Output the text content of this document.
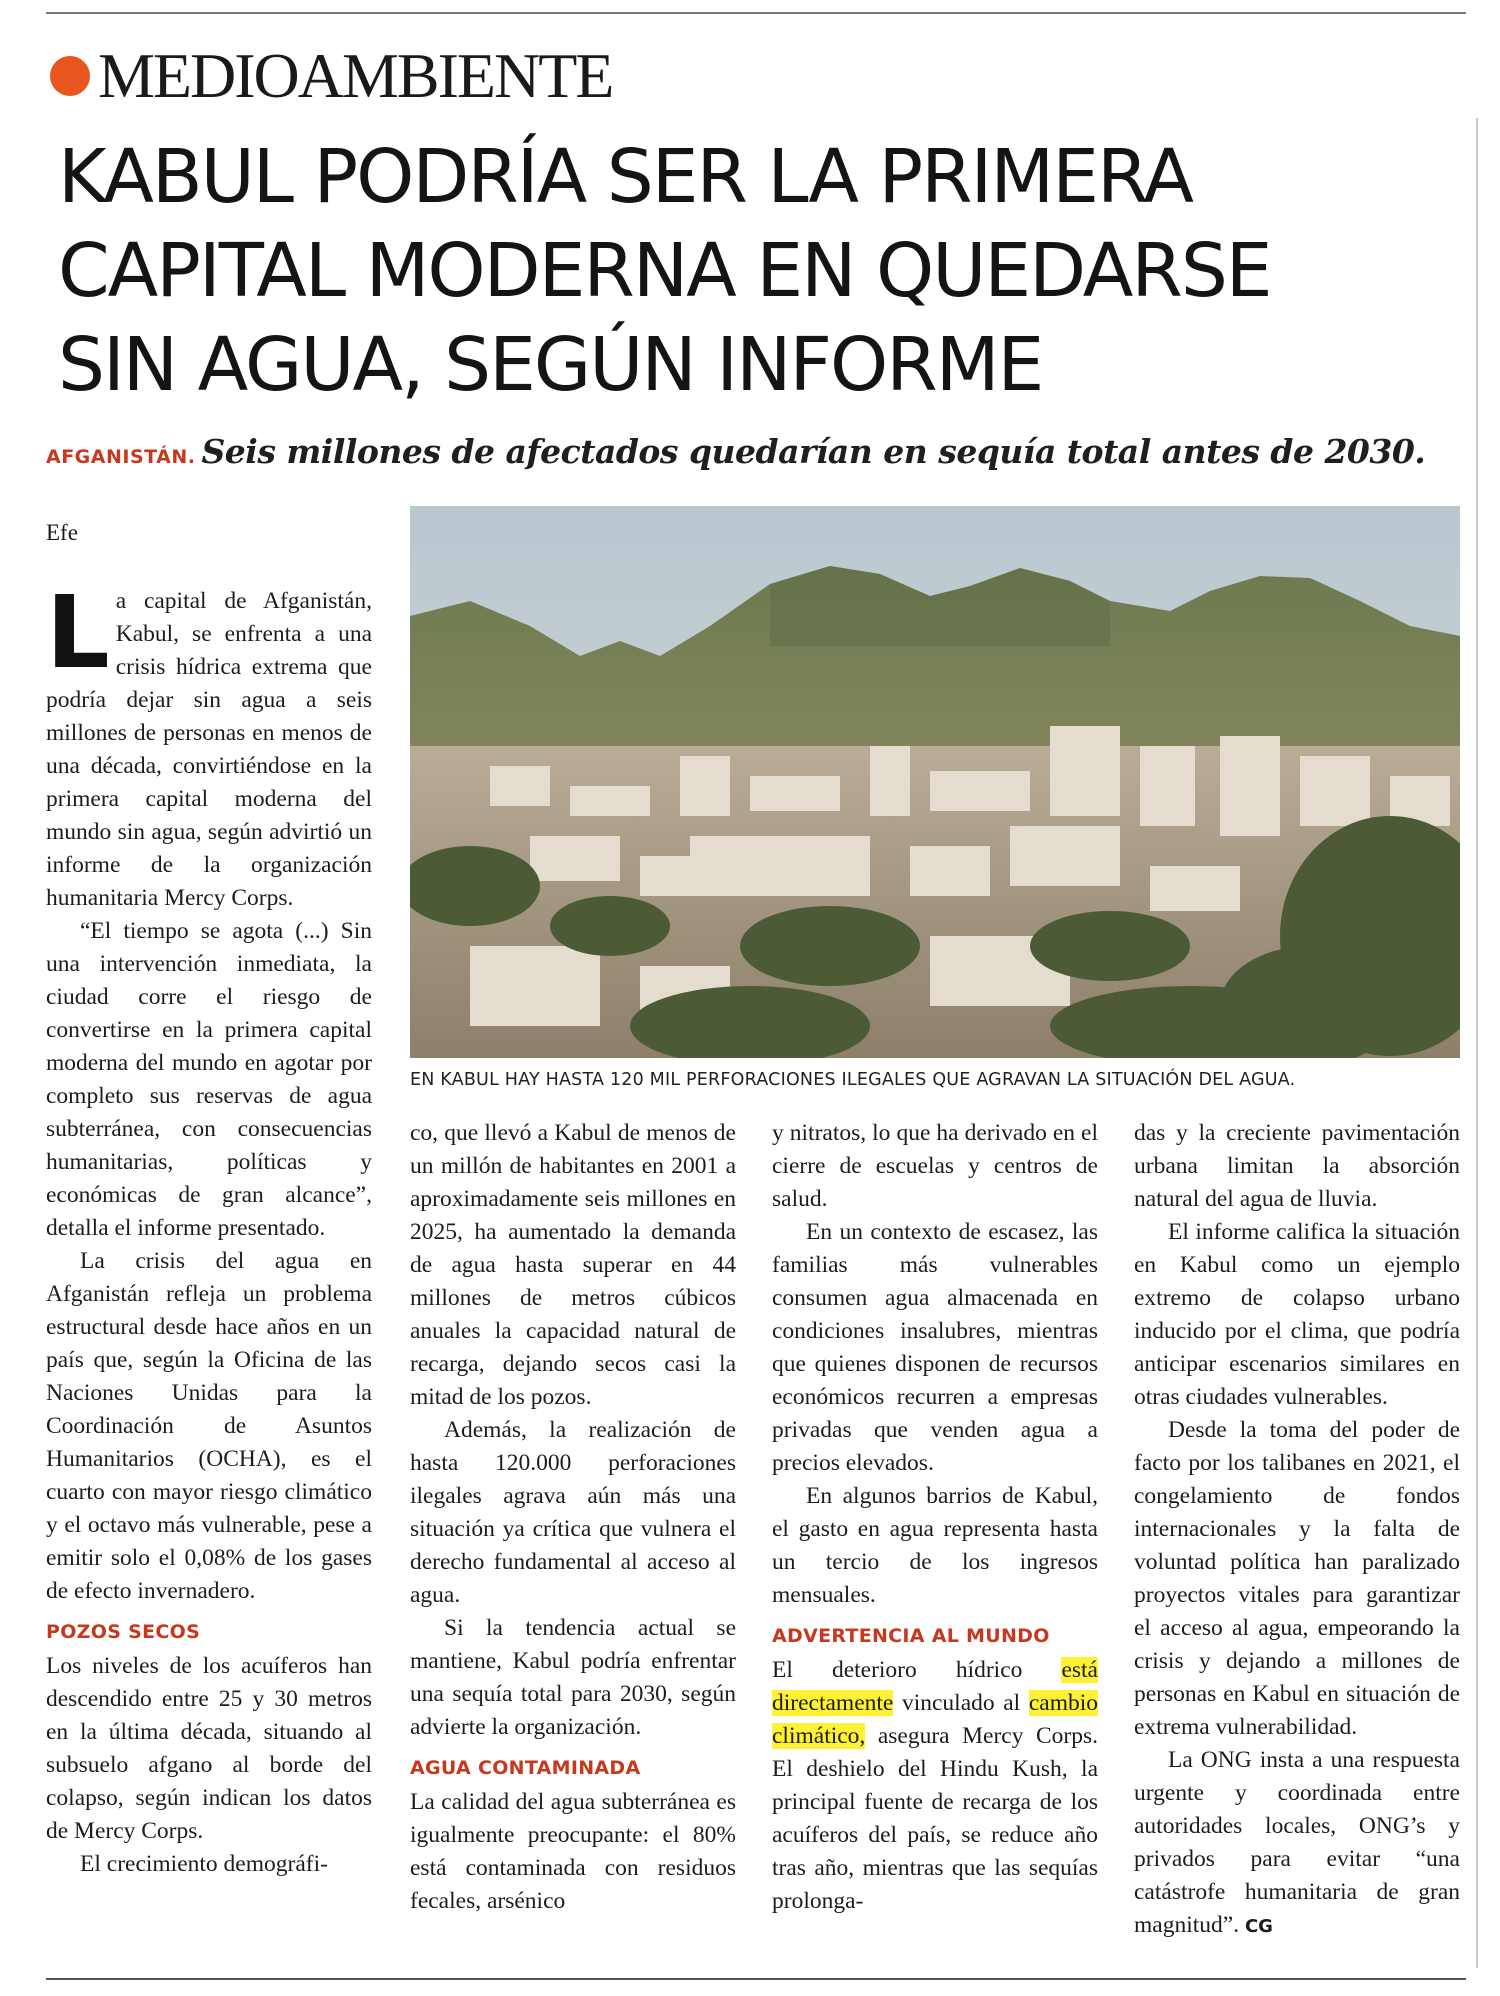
MEDIOAMBIENTE
KABUL PODRÍA SER LA PRIMERA
CAPITAL MODERNA EN QUEDARSE
SIN AGUA, SEGÚN INFORME
AFGANISTÁN. Seis millones de afectados quedarían en sequía total antes de 2030.
Efe
EN KABUL HAY HASTA 120 MIL PERFORACIONES ILEGALES QUE AGRAVAN LA SITUACIÓN DEL AGUA.

La capital de Afganistán, Kabul, se enfrenta a una crisis hídrica extrema que podría dejar sin agua a seis millones de personas en menos de una década, convirtiéndose en la primera capital moderna del mundo sin agua, según advirtió un informe de la organización humanitaria Mercy Corps.

“El tiempo se agota (...) Sin una intervención inmediata, la ciudad corre el riesgo de convertirse en la primera capital moderna del mundo en agotar por completo sus reservas de agua subterránea, con consecuencias humanitarias, políticas y económicas de gran alcance”, detalla el informe presentado.

La crisis del agua en Afganistán refleja un problema estructural desde hace años en un país que, según la Oficina de las Naciones Unidas para la Coordinación de Asuntos Humanitarios (OCHA), es el cuarto con mayor riesgo climático y el octavo más vulnerable, pese a emitir solo el 0,08% de los gases de efecto invernadero.

POZOS SECOS

Los niveles de los acuíferos han descendido entre 25 y 30 metros en la última década, situando al subsuelo afgano al borde del colapso, según indican los datos de Mercy Corps.

El crecimiento demográfi-

co, que llevó a Kabul de menos de un millón de habitantes en 2001 a aproximadamente seis millones en 2025, ha aumentado la demanda de agua hasta superar en 44 millones de metros cúbicos anuales la capacidad natural de recarga, dejando secos casi la mitad de los pozos.

Además, la realización de hasta 120.000 perforaciones ilegales agrava aún más una situación ya crítica que vulnera el derecho fundamental al acceso al agua.

Si la tendencia actual se mantiene, Kabul podría enfrentar una sequía total para 2030, según advierte la organización.

AGUA CONTAMINADA

La calidad del agua subterránea es igualmente preocupante: el 80% está contaminada con residuos fecales, arsénico

y nitratos, lo que ha derivado en el cierre de escuelas y centros de salud.

En un contexto de escasez, las familias más vulnerables consumen agua almacenada en condiciones insalubres, mientras que quienes disponen de recursos económicos recurren a empresas privadas que venden agua a precios elevados.

En algunos barrios de Kabul, el gasto en agua representa hasta un tercio de los ingresos mensuales.

ADVERTENCIA AL MUNDO

El deterioro hídrico está directamente vinculado al cambio climático, asegura Mercy Corps. El deshielo del Hindu Kush, la principal fuente de recarga de los acuíferos del país, se reduce año tras año, mientras que las sequías prolonga-

das y la creciente pavimentación urbana limitan la absorción natural del agua de lluvia.

El informe califica la situación en Kabul como un ejemplo extremo de colapso urbano inducido por el clima, que podría anticipar escenarios similares en otras ciudades vulnerables.

Desde la toma del poder de facto por los talibanes en 2021, el congelamiento de fondos internacionales y la falta de voluntad política han paralizado proyectos vitales para garantizar el acceso al agua, empeorando la crisis y dejando a millones de personas en Kabul en situación de extrema vulnerabilidad.

La ONG insta a una respuesta urgente y coordinada entre autoridades locales, ONG’s y privados para evitar “una catástrofe humanitaria de gran magnitud”. CG
